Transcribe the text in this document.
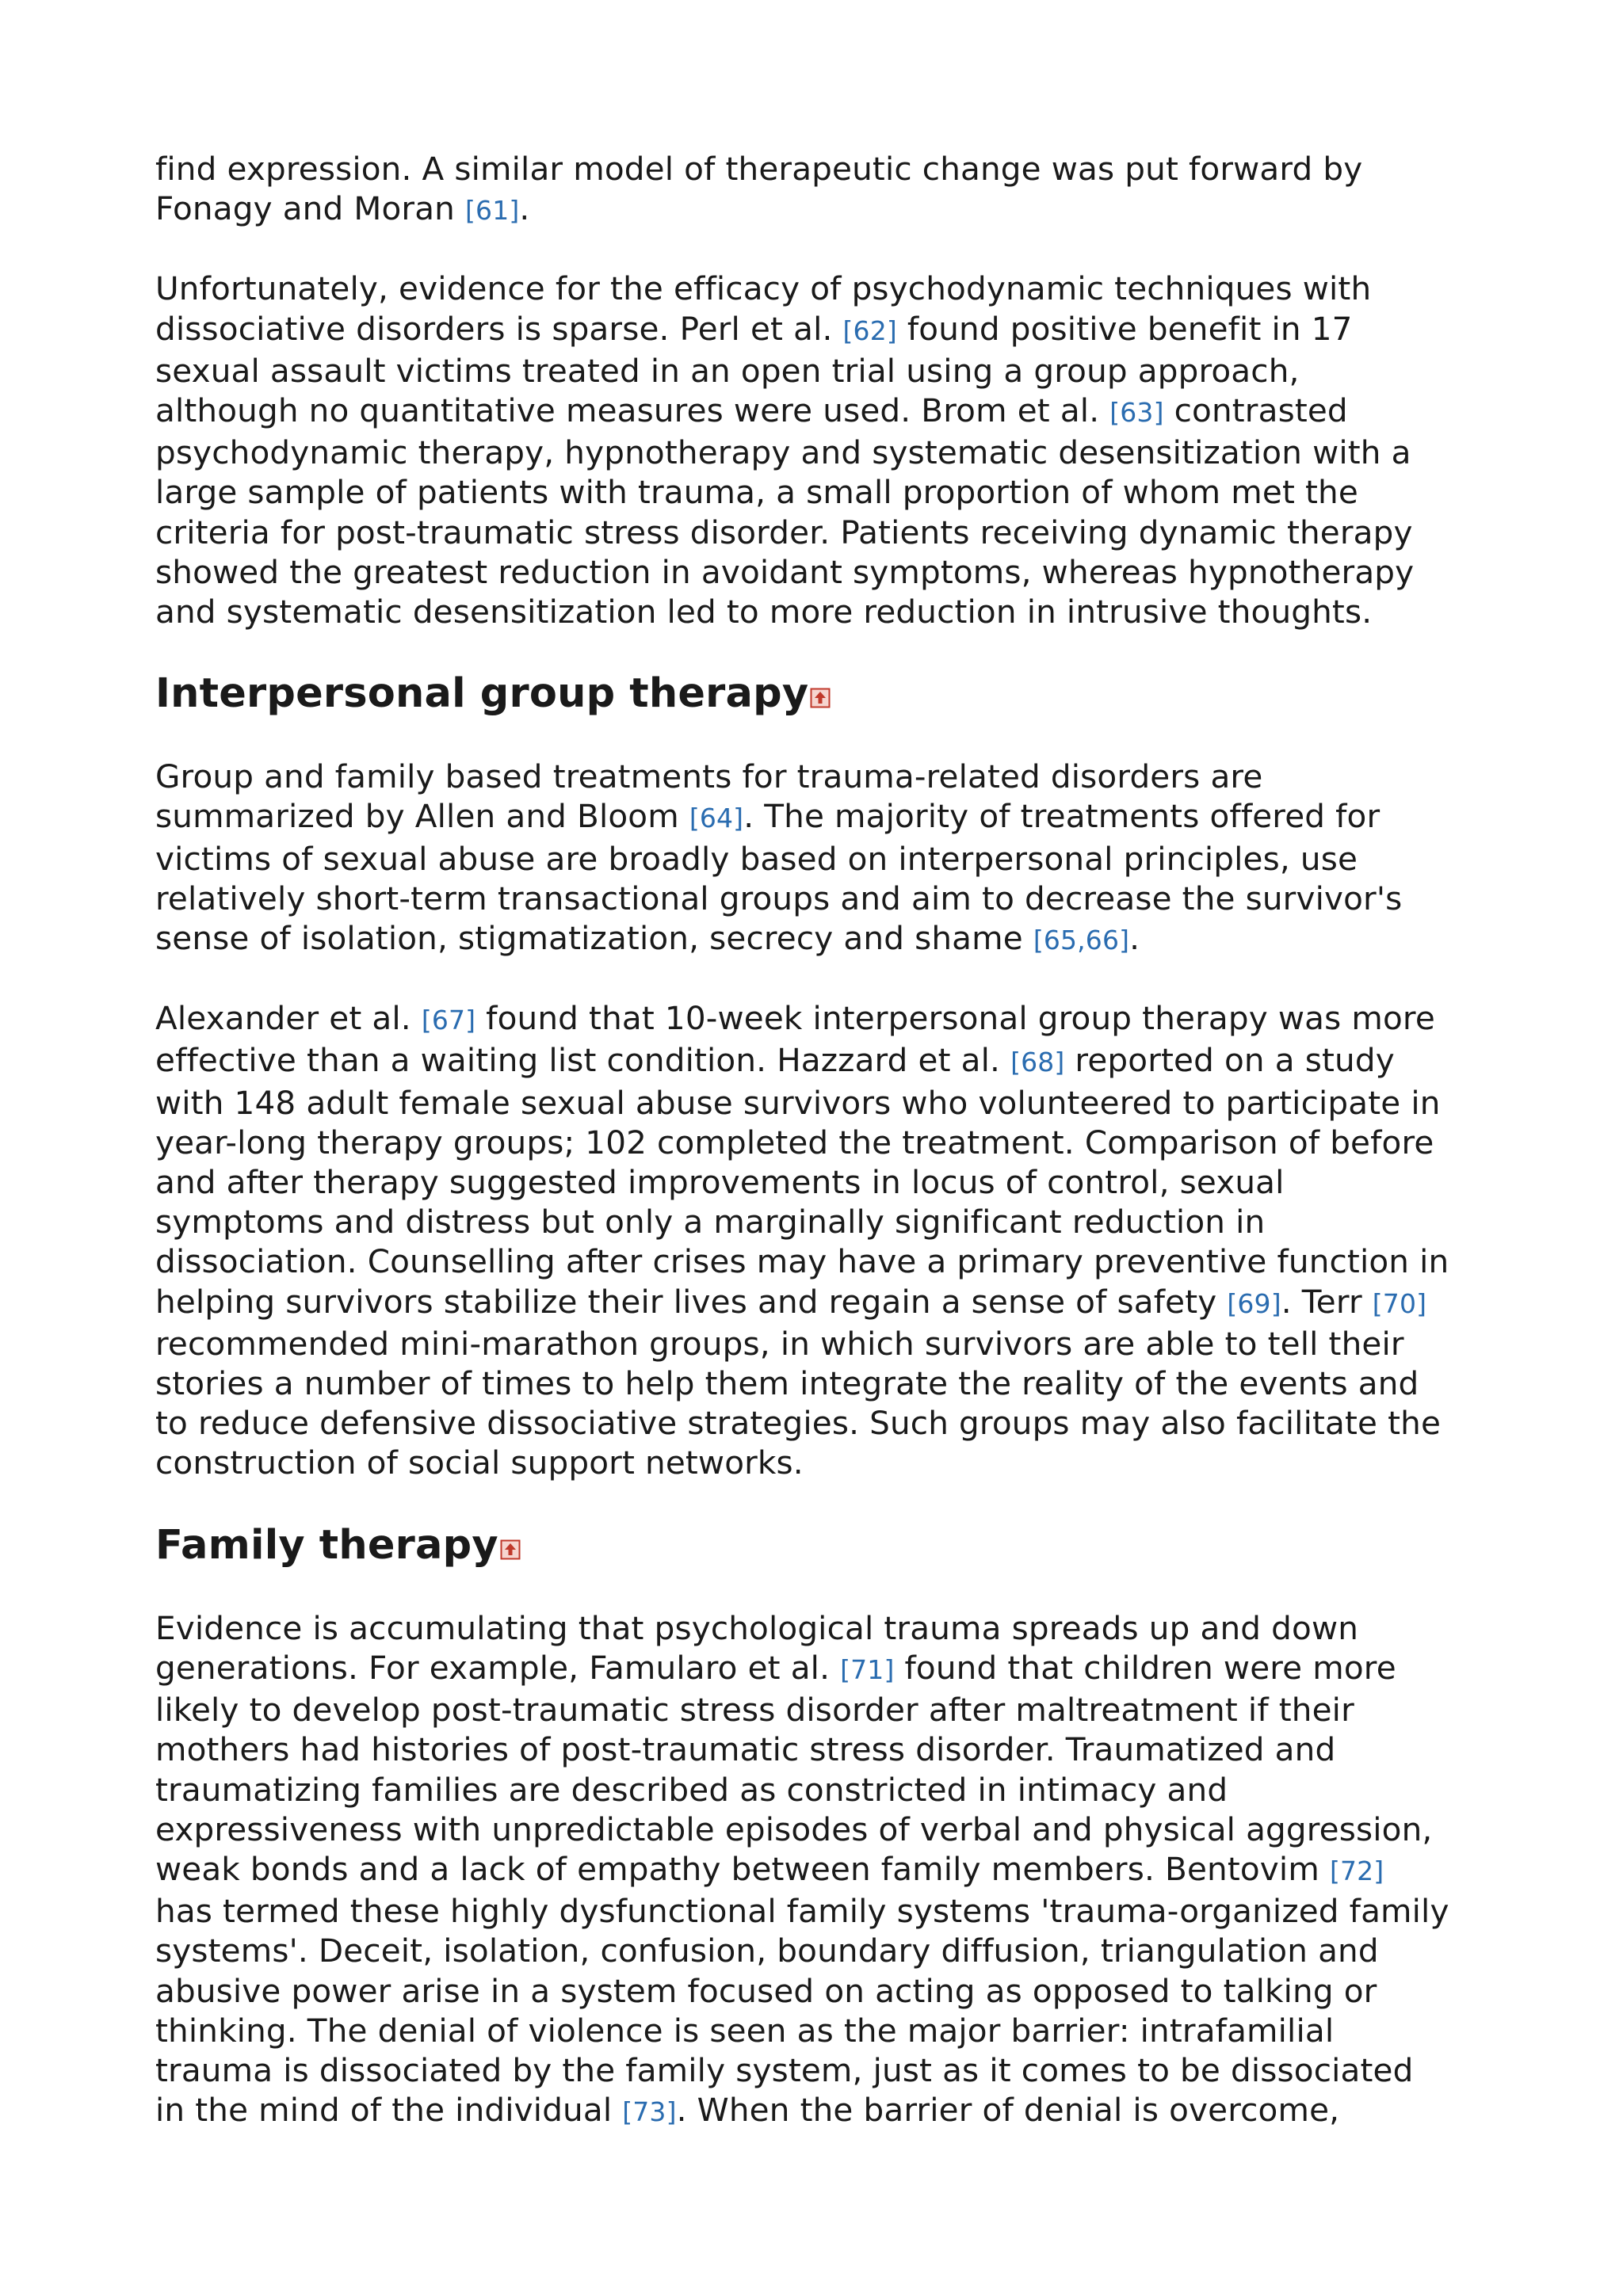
find expression. A similar model of therapeutic change was put forward by
Fonagy and Moran [61].

Unfortunately, evidence for the efficacy of psychodynamic techniques with
dissociative disorders is sparse. Perl et al. [62] found positive benefit in 17
sexual assault victims treated in an open trial using a group approach,
although no quantitative measures were used. Brom et al. [63] contrasted
psychodynamic therapy, hypnotherapy and systematic desensitization with a
large sample of patients with trauma, a small proportion of whom met the
criteria for post-traumatic stress disorder. Patients receiving dynamic therapy
showed the greatest reduction in avoidant symptoms, whereas hypnotherapy
and systematic desensitization led to more reduction in intrusive thoughts.

Interpersonal group therapy

Group and family based treatments for trauma-related disorders are
summarized by Allen and Bloom [64]. The majority of treatments offered for
victims of sexual abuse are broadly based on interpersonal principles, use
relatively short-term transactional groups and aim to decrease the survivor's
sense of isolation, stigmatization, secrecy and shame [65,66].

Alexander et al. [67] found that 10-week interpersonal group therapy was more
effective than a waiting list condition. Hazzard et al. [68] reported on a study
with 148 adult female sexual abuse survivors who volunteered to participate in
year-long therapy groups; 102 completed the treatment. Comparison of before
and after therapy suggested improvements in locus of control, sexual
symptoms and distress but only a marginally significant reduction in
dissociation. Counselling after crises may have a primary preventive function in
helping survivors stabilize their lives and regain a sense of safety [69]. Terr [70]
recommended mini-marathon groups, in which survivors are able to tell their
stories a number of times to help them integrate the reality of the events and
to reduce defensive dissociative strategies. Such groups may also facilitate the
construction of social support networks.

Family therapy

Evidence is accumulating that psychological trauma spreads up and down
generations. For example, Famularo et al. [71] found that children were more
likely to develop post-traumatic stress disorder after maltreatment if their
mothers had histories of post-traumatic stress disorder. Traumatized and
traumatizing families are described as constricted in intimacy and
expressiveness with unpredictable episodes of verbal and physical aggression,
weak bonds and a lack of empathy between family members. Bentovim [72]
has termed these highly dysfunctional family systems 'trauma-organized family
systems'. Deceit, isolation, confusion, boundary diffusion, triangulation and
abusive power arise in a system focused on acting as opposed to talking or
thinking. The denial of violence is seen as the major barrier: intrafamilial
trauma is dissociated by the family system, just as it comes to be dissociated
in the mind of the individual [73]. When the barrier of denial is overcome,
